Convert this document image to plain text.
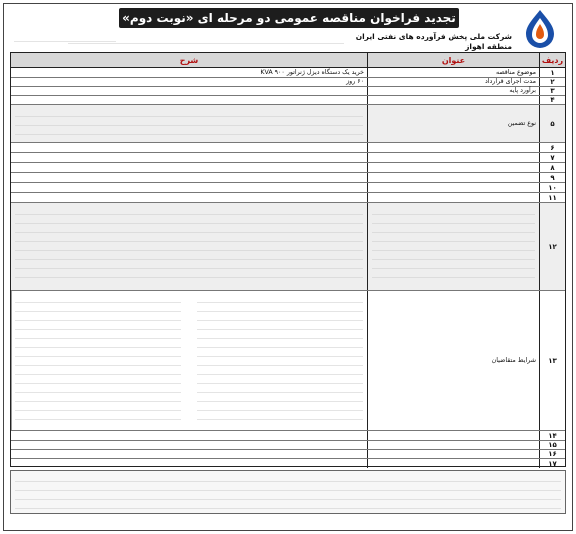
تجدید فراخوان مناقصه عمومی دو مرحله ای «نوبت دوم»
شرکت ملی پخش فرآورده های نفتی ایران منطقه اهواز
ردیف
عنوان
شرح
۱
موضوع مناقصه
خرید یک دستگاه دیزل ژنراتور ۹۰۰ KVA
۲
مدت اجرای قرارداد
۶۰ روز
۳
برآورد پایه
۴
۵
نوع تضمین
۶
۷
۸
۹
۱۰
۱۱
۱۲
۱۳
شرایط متقاضیان
۱۴
۱۵
۱۶
۱۷
